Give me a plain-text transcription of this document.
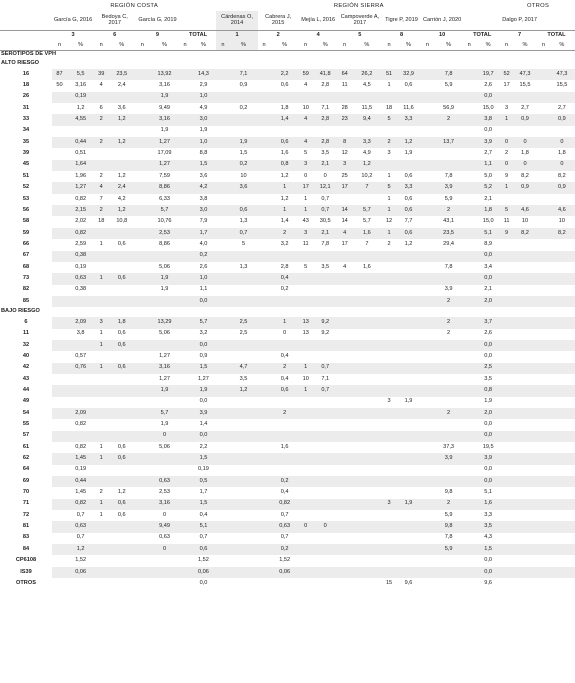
	REGIÓN COSTA								REGIÓN SIERRA														OTROS			
	García G, 2016		Bedoya C, 2017		García G, 2019				Cárdenas O, 2014		Cabrera J, 2015		Mejía L, 2016		Campoverde A, 2017		Tigre P, 2019		Carrión J, 2020				Dalgo P, 2017			
	3		6		9		TOTAL		1		2		4		5		8		10		TOTAL		7		TOTAL	
	n	%	n	%	n	%	n	%	n	%	n	%	n	%	n	%	n	%	n	%	n	%	n	%	n	%
SEROTIPOS DE VPH																										
ALTO RIESGO																										
16	87	5,5	39	23,5		13,92		14,3		7,1		2,2	59	41,8	64	26,2	51	32,9		7,8		19,7	52	47,3		47,3
18	50	3,16	4	2,4		3,16		2,9		0,9		0,6	4	2,8	11	4,5	1	0,6		5,9		2,6	17	15,5		15,5
26		0,19				1,9		1,0														0,0				
31		1,2	6	3,6		9,49		4,9		0,2		1,8	10	7,1	28	11,5	18	11,6		56,9		15,0	3	2,7		2,7
33		4,55	2	1,2		3,16		3,0				1,4	4	2,8	23	9,4	5	3,3		2		3,8	1	0,9		0,9
34						1,9		1,9														0,0				
35		0,44	2	1,2		1,27		1,0		1,9		0,6	4	2,8	8	3,3	2	1,2		13,7		3,9	0	0		0
39		0,51				17,09		8,8		1,5		1,6	5	3,5	12	4,9	3	1,9				2,7	2	1,8		1,8
45		1,64				1,27		1,5		0,2		0,8	3	2,1	3	1,2						1,1	0	0		0
51		1,96	2	1,2		7,59		3,6		10		1,2	0	0	25	10,2	1	0,6		7,8		5,0	9	8,2		8,2
52		1,27	4	2,4		8,86		4,2		3,6		1	17	12,1	17	7	5	3,3		3,9		5,2	1	0,9		0,9
53		0,82	7	4,2		6,33		3,8				1,2	1	0,7			1	0,6		5,9		2,1				
56		2,15	2	1,2		5,7		3,0		0,6		1	1	0,7	14	5,7	1	0,6		2		1,8	5	4,6		4,6
58		2,02	18	10,8		10,76		7,9		1,3		1,4	43	30,5	14	5,7	12	7,7		43,1		15,0	11	10		10
59		0,82				2,53		1,7		0,7		2	3	2,1	4	1,6	1	0,6		23,5		5,1	9	8,2		8,2
66		2,59	1	0,6		8,86		4,0		5		3,2	11	7,8	17	7	2	1,2		29,4		8,9				
67		0,38						0,2														0,0				
68		0,19				5,06		2,6		1,3		2,8	5	3,5	4	1,6				7,8		3,4				
73		0,63	1	0,6		1,9		1,0				0,4										0,0				
82		0,38				1,9		1,1				0,2								3,9		2,1				
85								0,0												2		2,0				
BAJO RIESGO																										
6		2,09	3	1,8		13,29		5,7		2,5		1	13	9,2						2		3,7				
11		3,8	1	0,6		5,06		3,2		2,5		0	13	9,2						2		2,6				
32			1	0,6				0,0														0,0				
40		0,57				1,27		0,9				0,4										0,0				
42		0,76	1	0,6		3,16		1,5		4,7		2	1	0,7								2,5				
43						1,27		1,27		3,5		0,4	10	7,1								3,5				
44						1,9		1,9		1,2		0,6	1	0,7								0,8				
49								0,0									3	1,9				1,9				
54		2,09				5,7		3,9				2								2		2,0				
55		0,82				1,9		1,4														0,0				
57						0		0,0														0,0				
61		0,82	1	0,6		5,06		2,2				1,6								37,3		19,5				
62		1,45	1	0,6				1,5												3,9		3,9				
64		0,19						0,19														0,0				
69		0,44				0,63		0,5				0,2										0,0				
70		1,45	2	1,2		2,53		1,7				0,4								9,8		5,1				
71		0,82	1	0,6		3,16		1,5				0,82					3	1,9		2		1,6				
72		0,7	1	0,6		0		0,4				0,7								5,9		3,3				
81		0,63				9,49		5,1				0,63	0	0						9,8		3,5				
83		0,7				0,63		0,7				0,7								7,8		4,3				
84		1,2				0		0,6				0,2								5,9		1,5				
CP6108		1,52						1,52				1,52										0,0				
IS39		0,06						0,06				0,06										0,0				
OTROS								0,0									15	9,6				9,6				
